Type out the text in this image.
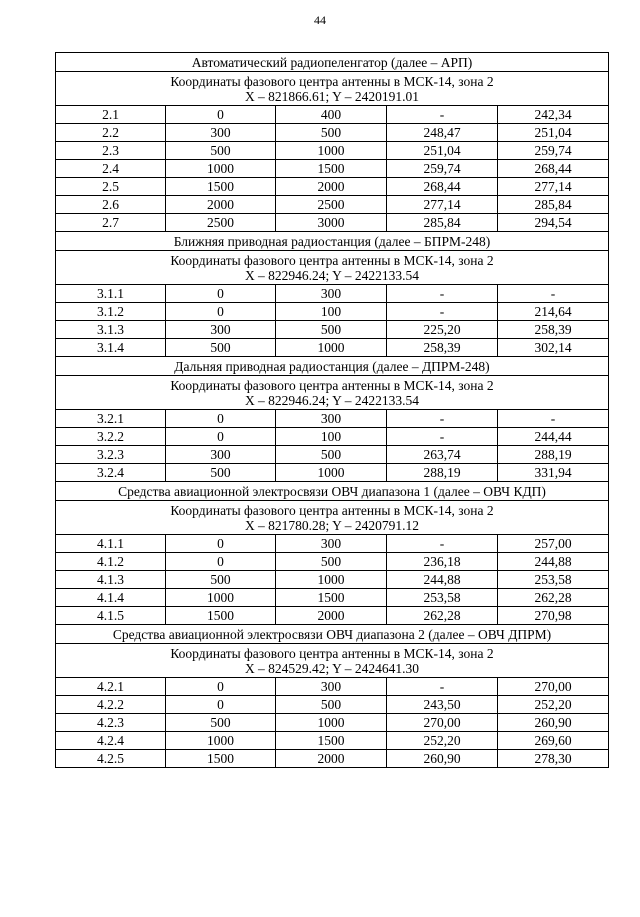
44
Автоматический радиопеленгатор (далее – АРП)				

Координаты фазового центра антенны в МСК-14, зона 2
X – 821866.61; Y – 2420191.01				

2.1	0	400	-	242,34
2.2	300	500	248,47	251,04
2.3	500	1000	251,04	259,74
2.4	1000	1500	259,74	268,44
2.5	1500	2000	268,44	277,14
2.6	2000	2500	277,14	285,84
2.7	2500	3000	285,84	294,54
Ближняя приводная радиостанция (далее – БПРМ-248)				

Координаты фазового центра антенны в МСК-14, зона 2
X – 822946.24; Y – 2422133.54				

3.1.1	0	300	-	-
3.1.2	0	100	-	214,64
3.1.3	300	500	225,20	258,39
3.1.4	500	1000	258,39	302,14
Дальняя приводная радиостанция (далее – ДПРМ-248)				

Координаты фазового центра антенны в МСК-14, зона 2
X – 822946.24; Y – 2422133.54				

3.2.1	0	300	-	-
3.2.2	0	100	-	244,44
3.2.3	300	500	263,74	288,19
3.2.4	500	1000	288,19	331,94
Средства авиационной электросвязи ОВЧ диапазона 1 (далее – ОВЧ КДП)				

Координаты фазового центра антенны в МСК-14, зона 2
X – 821780.28; Y – 2420791.12				

4.1.1	0	300	-	257,00
4.1.2	0	500	236,18	244,88
4.1.3	500	1000	244,88	253,58
4.1.4	1000	1500	253,58	262,28
4.1.5	1500	2000	262,28	270,98
Средства авиационной электросвязи ОВЧ диапазона 2 (далее – ОВЧ ДПРМ)				

Координаты фазового центра антенны в МСК-14, зона 2
X – 824529.42; Y – 2424641.30				

4.2.1	0	300	-	270,00
4.2.2	0	500	243,50	252,20
4.2.3	500	1000	270,00	260,90
4.2.4	1000	1500	252,20	269,60
4.2.5	1500	2000	260,90	278,30
